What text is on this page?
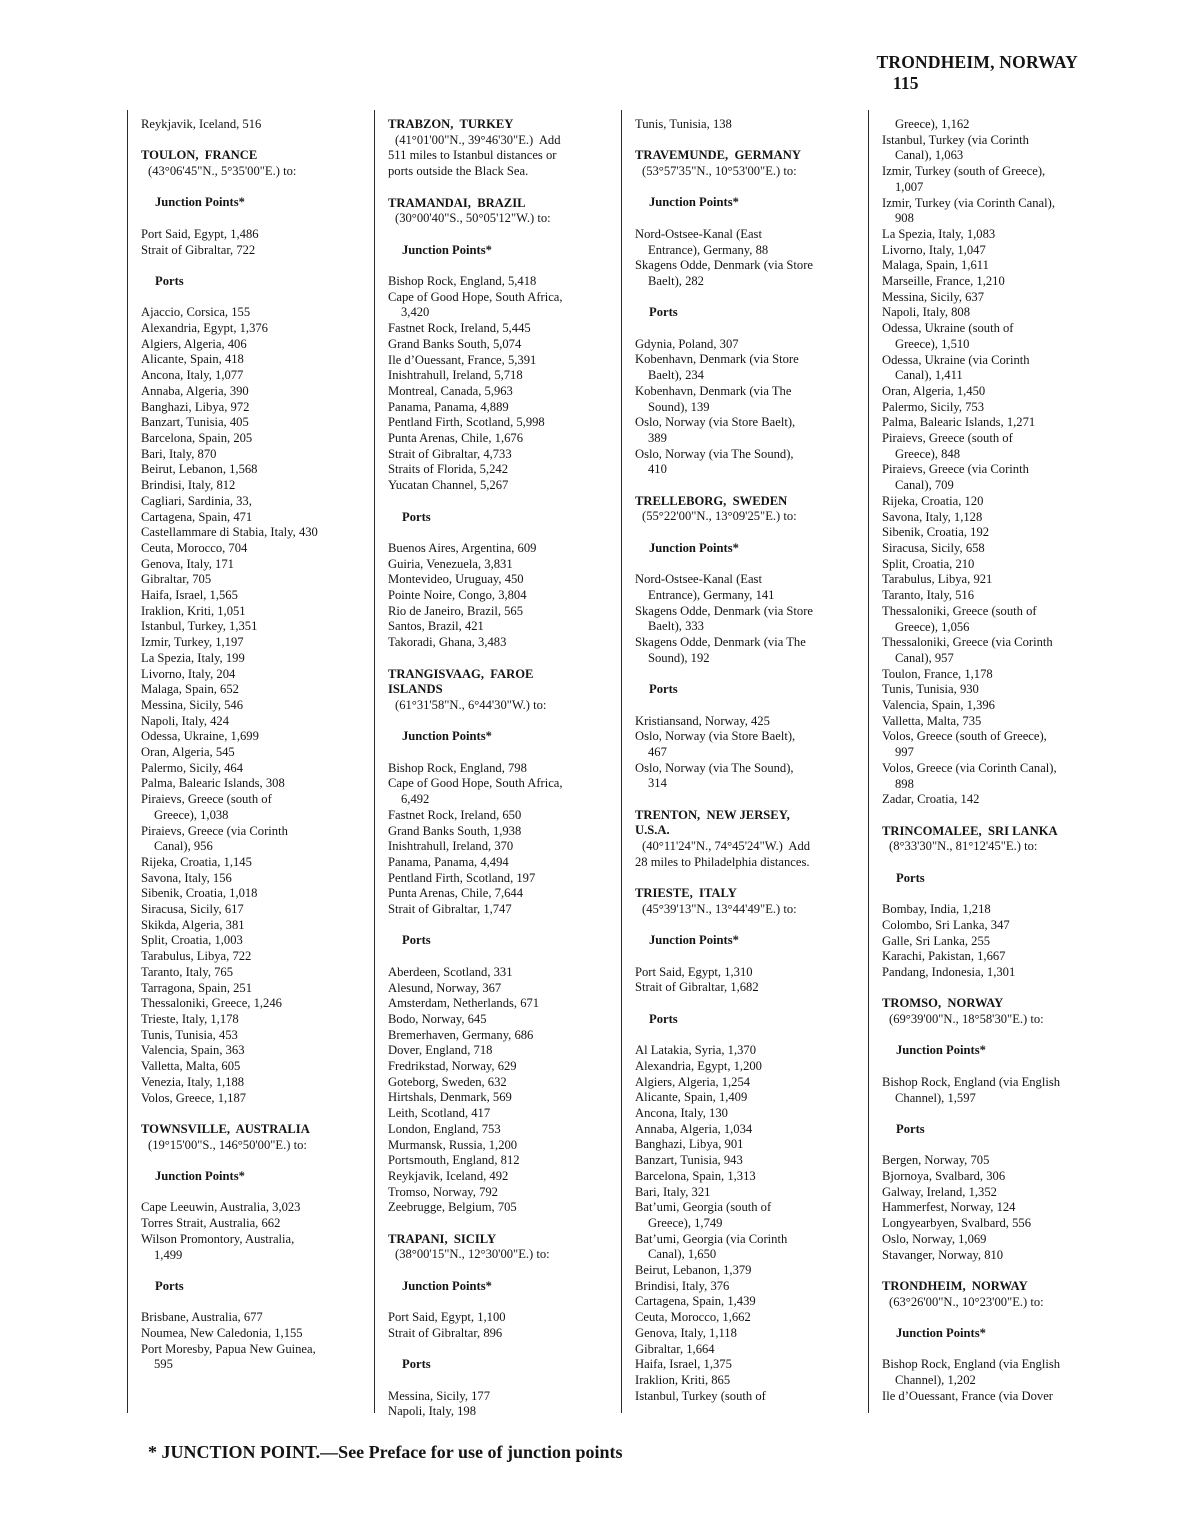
TRONDHEIM, NORWAY
115

Reykjavik, Iceland, 516
TOULON,  FRANCE
(43°06'45"N., 5°35'00"E.) to:
Junction Points*
Port Said, Egypt, 1,486
Strait of Gibraltar, 722
Ports
Ajaccio, Corsica, 155
Alexandria, Egypt, 1,376
Algiers, Algeria, 406
Alicante, Spain, 418
Ancona, Italy, 1,077
Annaba, Algeria, 390
Banghazi, Libya, 972
Banzart, Tunisia, 405
Barcelona, Spain, 205
Bari, Italy, 870
Beirut, Lebanon, 1,568
Brindisi, Italy, 812
Cagliari, Sardinia, 33,
Cartagena, Spain, 471
Castellammare di Stabia, Italy, 430
Ceuta, Morocco, 704
Genova, Italy, 171
Gibraltar, 705
Haifa, Israel, 1,565
Iraklion, Kriti, 1,051
Istanbul, Turkey, 1,351
Izmir, Turkey, 1,197
La Spezia, Italy, 199
Livorno, Italy, 204
Malaga, Spain, 652
Messina, Sicily, 546
Napoli, Italy, 424
Odessa, Ukraine, 1,699
Oran, Algeria, 545
Palermo, Sicily, 464
Palma, Balearic Islands, 308
Piraievs, Greece (south of
Greece), 1,038
Piraievs, Greece (via Corinth
Canal), 956
Rijeka, Croatia, 1,145
Savona, Italy, 156
Sibenik, Croatia, 1,018
Siracusa, Sicily, 617
Skikda, Algeria, 381
Split, Croatia, 1,003
Tarabulus, Libya, 722
Taranto, Italy, 765
Tarragona, Spain, 251
Thessaloniki, Greece, 1,246
Trieste, Italy, 1,178
Tunis, Tunisia, 453
Valencia, Spain, 363
Valletta, Malta, 605
Venezia, Italy, 1,188
Volos, Greece, 1,187
TOWNSVILLE,  AUSTRALIA
(19°15'00"S., 146°50'00"E.) to:
Junction Points*
Cape Leeuwin, Australia, 3,023
Torres Strait, Australia, 662
Wilson Promontory, Australia,
1,499
Ports
Brisbane, Australia, 677
Noumea, New Caledonia, 1,155
Port Moresby, Papua New Guinea,
595
TRABZON,  TURKEY
(41°01'00"N., 39°46'30"E.)  Add
511 miles to Istanbul distances or
ports outside the Black Sea.
TRAMANDAI,  BRAZIL
(30°00'40"S., 50°05'12"W.) to:
Junction Points*
Bishop Rock, England, 5,418
Cape of Good Hope, South Africa,
3,420
Fastnet Rock, Ireland, 5,445
Grand Banks South, 5,074
Ile d’Ouessant, France, 5,391
Inishtrahull, Ireland, 5,718
Montreal, Canada, 5,963
Panama, Panama, 4,889
Pentland Firth, Scotland, 5,998
Punta Arenas, Chile, 1,676
Strait of Gibraltar, 4,733
Straits of Florida, 5,242
Yucatan Channel, 5,267
Ports
Buenos Aires, Argentina, 609
Guiria, Venezuela, 3,831
Montevideo, Uruguay, 450
Pointe Noire, Congo, 3,804
Rio de Janeiro, Brazil, 565
Santos, Brazil, 421
Takoradi, Ghana, 3,483
TRANGISVAAG,  FAROE
ISLANDS
(61°31'58"N., 6°44'30"W.) to:
Junction Points*
Bishop Rock, England, 798
Cape of Good Hope, South Africa,
6,492
Fastnet Rock, Ireland, 650
Grand Banks South, 1,938
Inishtrahull, Ireland, 370
Panama, Panama, 4,494
Pentland Firth, Scotland, 197
Punta Arenas, Chile, 7,644
Strait of Gibraltar, 1,747
Ports
Aberdeen, Scotland, 331
Alesund, Norway, 367
Amsterdam, Netherlands, 671
Bodo, Norway, 645
Bremerhaven, Germany, 686
Dover, England, 718
Fredrikstad, Norway, 629
Goteborg, Sweden, 632
Hirtshals, Denmark, 569
Leith, Scotland, 417
London, England, 753
Murmansk, Russia, 1,200
Portsmouth, England, 812
Reykjavik, Iceland, 492
Tromso, Norway, 792
Zeebrugge, Belgium, 705
TRAPANI,  SICILY
(38°00'15"N., 12°30'00"E.) to:
Junction Points*
Port Said, Egypt, 1,100
Strait of Gibraltar, 896
Ports
Messina, Sicily, 177
Napoli, Italy, 198
Tunis, Tunisia, 138
TRAVEMUNDE,  GERMANY
(53°57'35"N., 10°53'00"E.) to:
Junction Points*
Nord-Ostsee-Kanal (East
Entrance), Germany, 88
Skagens Odde, Denmark (via Store
Baelt), 282
Ports
Gdynia, Poland, 307
Kobenhavn, Denmark (via Store
Baelt), 234
Kobenhavn, Denmark (via The
Sound), 139
Oslo, Norway (via Store Baelt),
389
Oslo, Norway (via The Sound),
410
TRELLEBORG,  SWEDEN
(55°22'00"N., 13°09'25"E.) to:
Junction Points*
Nord-Ostsee-Kanal (East
Entrance), Germany, 141
Skagens Odde, Denmark (via Store
Baelt), 333
Skagens Odde, Denmark (via The
Sound), 192
Ports
Kristiansand, Norway, 425
Oslo, Norway (via Store Baelt),
467
Oslo, Norway (via The Sound),
314
TRENTON,  NEW JERSEY,
U.S.A.
(40°11'24"N., 74°45'24"W.)  Add
28 miles to Philadelphia distances.
TRIESTE,  ITALY
(45°39'13"N., 13°44'49"E.) to:
Junction Points*
Port Said, Egypt, 1,310
Strait of Gibraltar, 1,682
Ports
Al Latakia, Syria, 1,370
Alexandria, Egypt, 1,200
Algiers, Algeria, 1,254
Alicante, Spain, 1,409
Ancona, Italy, 130
Annaba, Algeria, 1,034
Banghazi, Libya, 901
Banzart, Tunisia, 943
Barcelona, Spain, 1,313
Bari, Italy, 321
Bat’umi, Georgia (south of
Greece), 1,749
Bat’umi, Georgia (via Corinth
Canal), 1,650
Beirut, Lebanon, 1,379
Brindisi, Italy, 376
Cartagena, Spain, 1,439
Ceuta, Morocco, 1,662
Genova, Italy, 1,118
Gibraltar, 1,664
Haifa, Israel, 1,375
Iraklion, Kriti, 865
Istanbul, Turkey (south of
Greece), 1,162
Istanbul, Turkey (via Corinth
Canal), 1,063
Izmir, Turkey (south of Greece),
1,007
Izmir, Turkey (via Corinth Canal),
908
La Spezia, Italy, 1,083
Livorno, Italy, 1,047
Malaga, Spain, 1,611
Marseille, France, 1,210
Messina, Sicily, 637
Napoli, Italy, 808
Odessa, Ukraine (south of
Greece), 1,510
Odessa, Ukraine (via Corinth
Canal), 1,411
Oran, Algeria, 1,450
Palermo, Sicily, 753
Palma, Balearic Islands, 1,271
Piraievs, Greece (south of
Greece), 848
Piraievs, Greece (via Corinth
Canal), 709
Rijeka, Croatia, 120
Savona, Italy, 1,128
Sibenik, Croatia, 192
Siracusa, Sicily, 658
Split, Croatia, 210
Tarabulus, Libya, 921
Taranto, Italy, 516
Thessaloniki, Greece (south of
Greece), 1,056
Thessaloniki, Greece (via Corinth
Canal), 957
Toulon, France, 1,178
Tunis, Tunisia, 930
Valencia, Spain, 1,396
Valletta, Malta, 735
Volos, Greece (south of Greece),
997
Volos, Greece (via Corinth Canal),
898
Zadar, Croatia, 142
TRINCOMALEE,  SRI LANKA
(8°33'30"N., 81°12'45"E.) to:
Ports
Bombay, India, 1,218
Colombo, Sri Lanka, 347
Galle, Sri Lanka, 255
Karachi, Pakistan, 1,667
Pandang, Indonesia, 1,301
TROMSO,  NORWAY
(69°39'00"N., 18°58'30"E.) to:
Junction Points*
Bishop Rock, England (via English
Channel), 1,597
Ports
Bergen, Norway, 705
Bjornoya, Svalbard, 306
Galway, Ireland, 1,352
Hammerfest, Norway, 124
Longyearbyen, Svalbard, 556
Oslo, Norway, 1,069
Stavanger, Norway, 810
TRONDHEIM,  NORWAY
(63°26'00"N., 10°23'00"E.) to:
Junction Points*
Bishop Rock, England (via English
Channel), 1,202
Ile d’Ouessant, France (via Dover
* JUNCTION POINT.—See Preface for use of junction points
